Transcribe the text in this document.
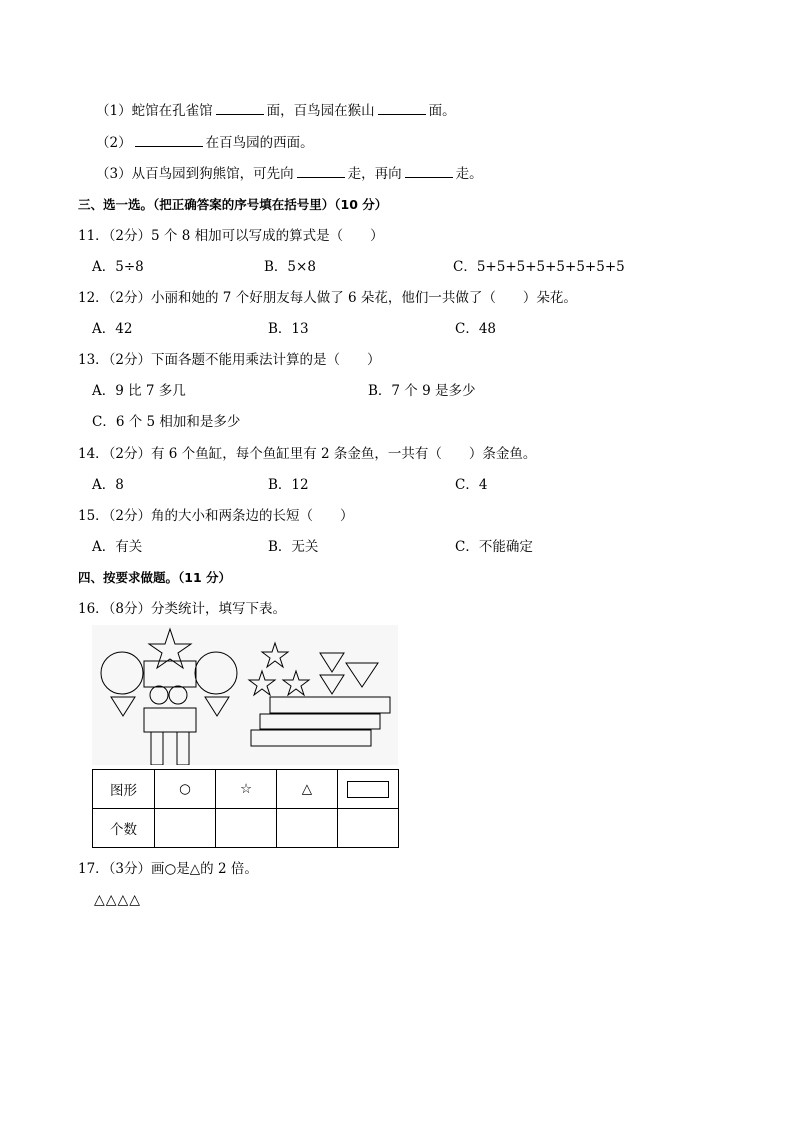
（1）蛇馆在孔雀馆	面，百鸟园在猴山	面。
（2）	在百鸟园的西面。
（3）从百鸟园到狗熊馆，可先向	走，再向	走。
三、选一选。（把正确答案的序号填在括号里）（10 分）
11．（2分）5 个 8 相加可以写成的算式是（　　）
A．5÷8	B．5×8	C．5+5+5+5+5+5+5+5
12．（2分）小丽和她的 7 个好朋友每人做了 6 朵花，他们一共做了（　　）朵花。
A．42	B．13	C．48
13．（2分）下面各题不能用乘法计算的是（　　）
A．9 比 7 多几	B．7 个 9 是多少
C．6 个 5 相加和是多少
14．（2分）有 6 个鱼缸，每个鱼缸里有 2 条金鱼，一共有（　　）条金鱼。
A．8	B．12	C．4
15．（2分）角的大小和两条边的长短（　　）
A．有关	B．无关	C．不能确定
四、按要求做题。（11 分）
16．（8分）分类统计，填写下表。
图形	○	☆	△	
个数				
17．（3分）画○是△的 2 倍。
△△△△
